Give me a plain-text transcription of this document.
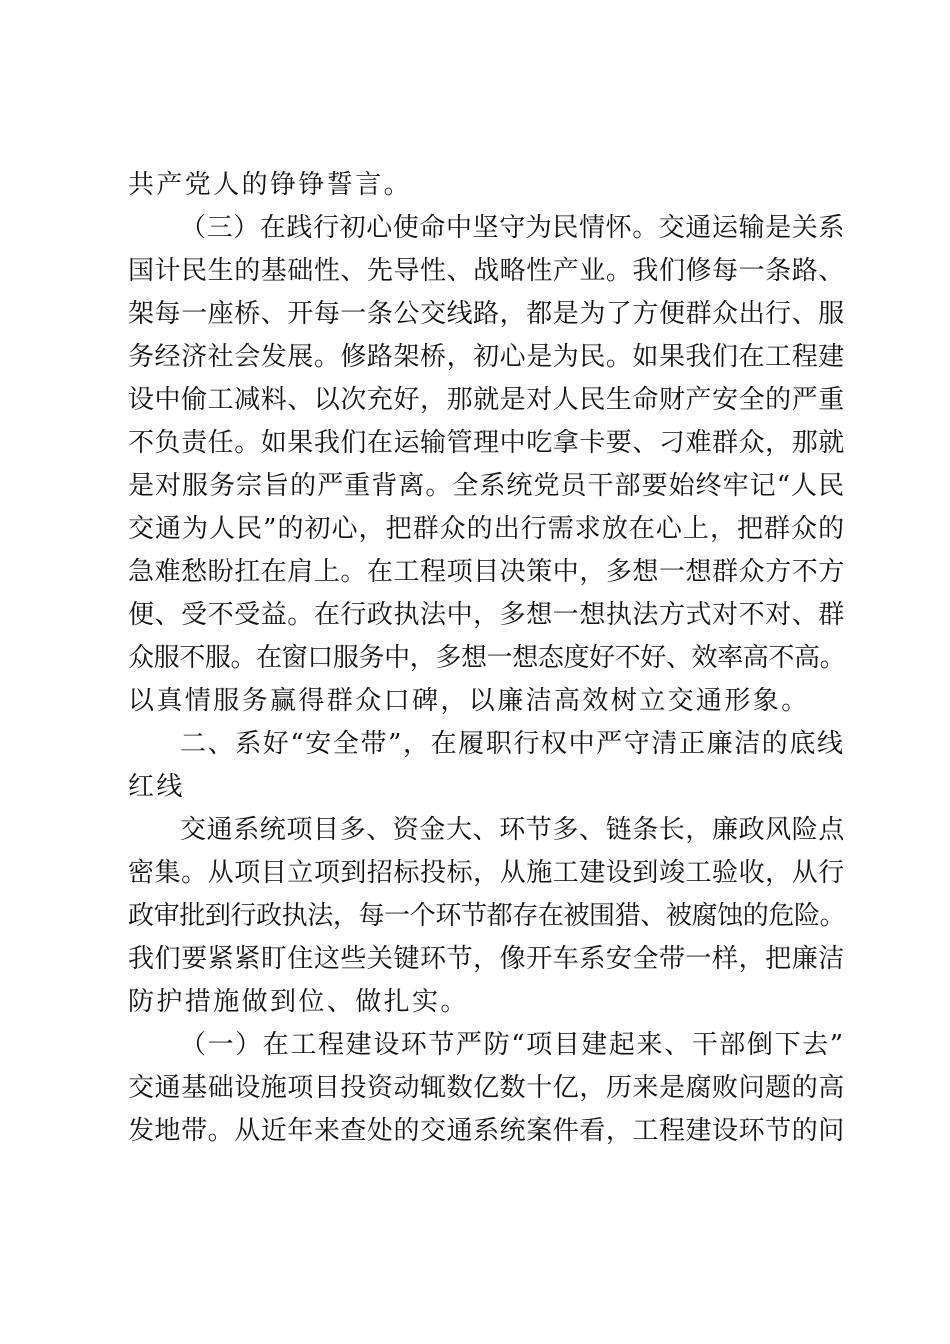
共产党人的铮铮誓言。

（三）在践行初心使命中坚守为民情怀。交通运输是关系

国计民生的基础性、先导性、战略性产业。我们修每一条路、

架每一座桥、开每一条公交线路，都是为了方便群众出行、服

务经济社会发展。修路架桥，初心是为民。如果我们在工程建

设中偷工减料、以次充好，那就是对人民生命财产安全的严重

不负责任。如果我们在运输管理中吃拿卡要、刁难群众，那就

是对服务宗旨的严重背离。全系统党员干部要始终牢记“人民

交通为人民”的初心，把群众的出行需求放在心上，把群众的

急难愁盼扛在肩上。在工程项目决策中，多想一想群众方不方

便、受不受益。在行政执法中，多想一想执法方式对不对、群

众服不服。在窗口服务中，多想一想态度好不好、效率高不高。

以真情服务赢得群众口碑，以廉洁高效树立交通形象。

二、系好“安全带”，在履职行权中严守清正廉洁的底线

红线

交通系统项目多、资金大、环节多、链条长，廉政风险点

密集。从项目立项到招标投标，从施工建设到竣工验收，从行

政审批到行政执法，每一个环节都存在被围猎、被腐蚀的危险。

我们要紧紧盯住这些关键环节，像开车系安全带一样，把廉洁

防护措施做到位、做扎实。

（一）在工程建设环节严防“项目建起来、干部倒下去”

交通基础设施项目投资动辄数亿数十亿，历来是腐败问题的高

发地带。从近年来查处的交通系统案件看，工程建设环节的问
